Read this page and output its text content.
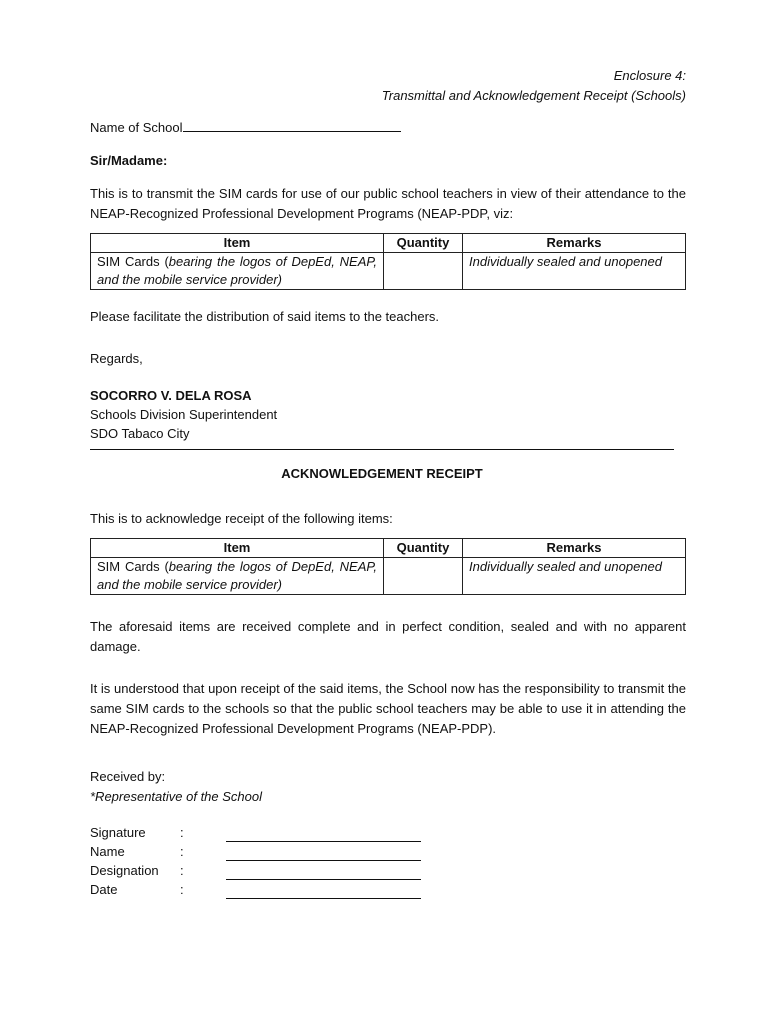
Enclosure 4:
Transmittal and Acknowledgement Receipt (Schools)
Name of School
Sir/Madame:
This is to transmit the SIM cards for use of our public school teachers in view of their attendance to the NEAP-Recognized Professional Development Programs (NEAP-PDP, viz:
Item	Quantity	Remarks
SIM Cards (bearing the logos of DepEd, NEAP, and the mobile service provider)		Individually sealed and unopened
Please facilitate the distribution of said items to the teachers.
Regards,
SOCORRO V. DELA ROSA
Schools Division Superintendent
SDO Tabaco City
ACKNOWLEDGEMENT RECEIPT
This is to acknowledge receipt of the following items:
Item	Quantity	Remarks
SIM Cards (bearing the logos of DepEd, NEAP, and the mobile service provider)		Individually sealed and unopened
The aforesaid items are received complete and in perfect condition, sealed and with no apparent damage.
It is understood that upon receipt of the said items, the School now has the responsibility to transmit the same SIM cards to the schools so that the public school teachers may be able to use it in attending the NEAP-Recognized Professional Development Programs (NEAP-PDP).
Received by:
*Representative of the School
Signature	:
Name	:
Designation	:
Date	:
